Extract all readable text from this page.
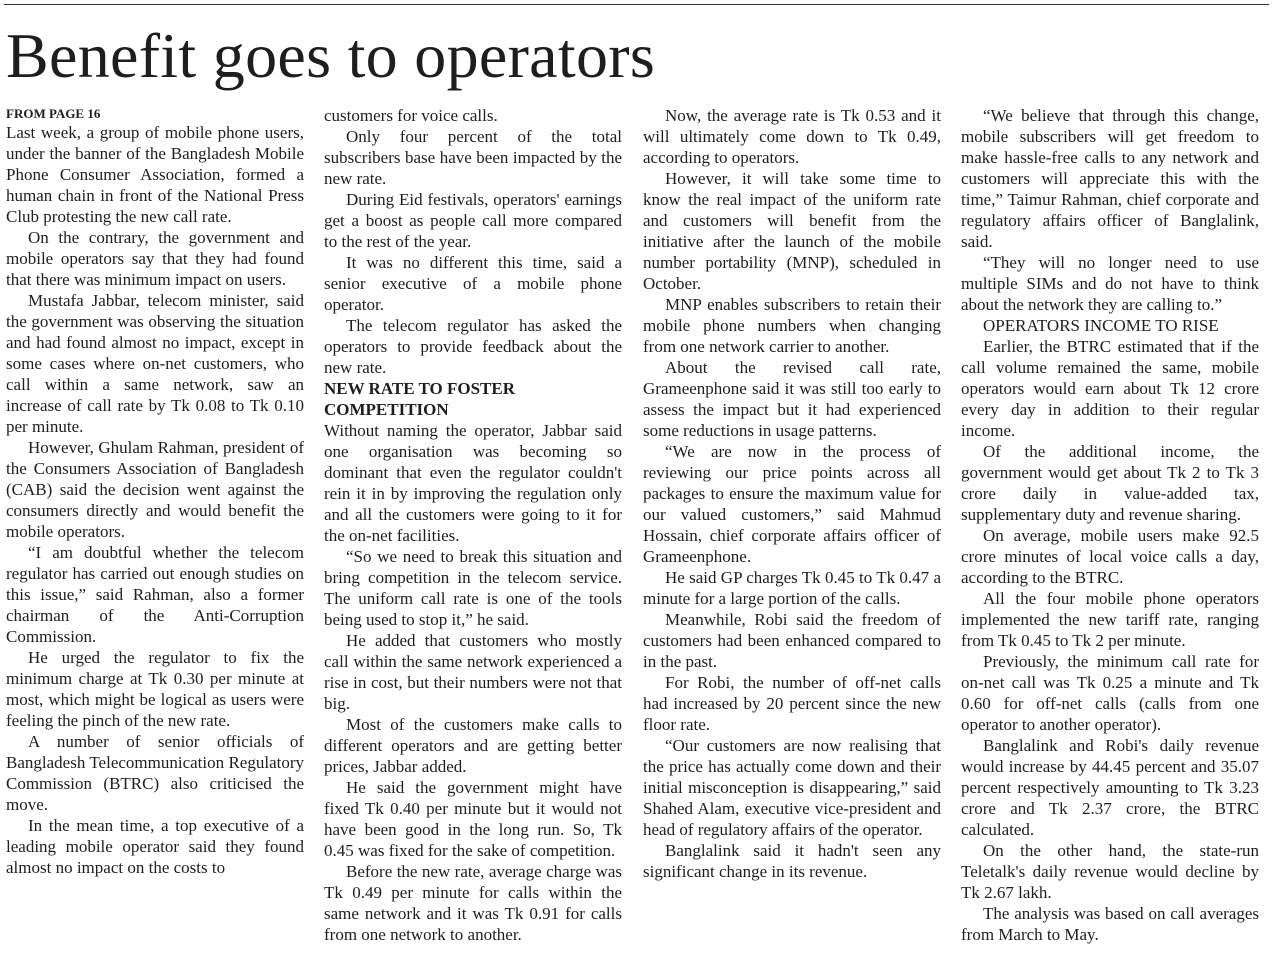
Benefit goes to operators
FROM PAGE 16

Last week, a group of mobile phone users, under the banner of the Bangladesh Mobile Phone Consumer Association, formed a human chain in front of the National Press Club protesting the new call rate.

On the contrary, the government and mobile operators say that they had found that there was minimum impact on users.

Mustafa Jabbar, telecom minister, said the government was observing the situation and had found almost no impact, except in some cases where on-net customers, who call within a same network, saw an increase of call rate by Tk 0.08 to Tk 0.10 per minute.

However, Ghulam Rahman, president of the Consumers Association of Bangladesh (CAB) said the decision went against the consumers directly and would benefit the mobile operators.

“I am doubtful whether the telecom regulator has carried out enough studies on this issue,” said Rahman, also a former chairman of the Anti-Corruption Commission.

He urged the regulator to fix the minimum charge at Tk 0.30 per minute at most, which might be logical as users were feeling the pinch of the new rate.

A number of senior officials of Bangladesh Telecommunication Regulatory Commission (BTRC) also criticised the move.

In the mean time, a top executive of a leading mobile operator said they found almost no impact on the costs to

customers for voice calls.

Only four percent of the total subscribers base have been impacted by the new rate.

During Eid festivals, operators' earnings get a boost as people call more compared to the rest of the year.

It was no different this time, said a senior executive of a mobile phone operator.

The telecom regulator has asked the operators to provide feedback about the new rate.

NEW RATE TO FOSTER COMPETITION

Without naming the operator, Jabbar said one organisation was becoming so dominant that even the regulator couldn't rein it in by improving the regulation only and all the customers were going to it for the on-net facilities.

“So we need to break this situation and bring competition in the telecom service. The uniform call rate is one of the tools being used to stop it,” he said.

He added that customers who mostly call within the same network experienced a rise in cost, but their numbers were not that big.

Most of the customers make calls to different operators and are getting better prices, Jabbar added.

He said the government might have fixed Tk 0.40 per minute but it would not have been good in the long run. So, Tk 0.45 was fixed for the sake of competition.

Before the new rate, average charge was Tk 0.49 per minute for calls within the same network and it was Tk 0.91 for calls from one network to another.

Now, the average rate is Tk 0.53 and it will ultimately come down to Tk 0.49, according to operators.

However, it will take some time to know the real impact of the uniform rate and customers will benefit from the initiative after the launch of the mobile number portability (MNP), scheduled in October.

MNP enables subscribers to retain their mobile phone numbers when changing from one network carrier to another.

About the revised call rate, Grameenphone said it was still too early to assess the impact but it had experienced some reductions in usage patterns.

“We are now in the process of reviewing our price points across all packages to ensure the maximum value for our valued customers,” said Mahmud Hossain, chief corporate affairs officer of Grameenphone.

He said GP charges Tk 0.45 to Tk 0.47 a minute for a large portion of the calls.

Meanwhile, Robi said the freedom of customers had been enhanced compared to in the past.

For Robi, the number of off-net calls had increased by 20 percent since the new floor rate.

“Our customers are now realising that the price has actually come down and their initial misconception is disappearing,” said Shahed Alam, executive vice-president and head of regulatory affairs of the operator.

Banglalink said it hadn't seen any significant change in its revenue.

“We believe that through this change, mobile subscribers will get freedom to make hassle-free calls to any network and customers will appreciate this with the time,” Taimur Rahman, chief corporate and regulatory affairs officer of Banglalink, said.

“They will no longer need to use multiple SIMs and do not have to think about the network they are calling to.”

OPERATORS INCOME TO RISE

Earlier, the BTRC estimated that if the call volume remained the same, mobile operators would earn about Tk 12 crore every day in addition to their regular income.

Of the additional income, the government would get about Tk 2 to Tk 3 crore daily in value-added tax, supplementary duty and revenue sharing.

On average, mobile users make 92.5 crore minutes of local voice calls a day, according to the BTRC.

All the four mobile phone operators implemented the new tariff rate, ranging from Tk 0.45 to Tk 2 per minute.

Previously, the minimum call rate for on-net call was Tk 0.25 a minute and Tk 0.60 for off-net calls (calls from one operator to another operator).

Banglalink and Robi's daily revenue would increase by 44.45 percent and 35.07 percent respectively amounting to Tk 3.23 crore and Tk 2.37 crore, the BTRC calculated.

On the other hand, the state-run Teletalk's daily revenue would decline by Tk 2.67 lakh.

The analysis was based on call averages from March to May.
